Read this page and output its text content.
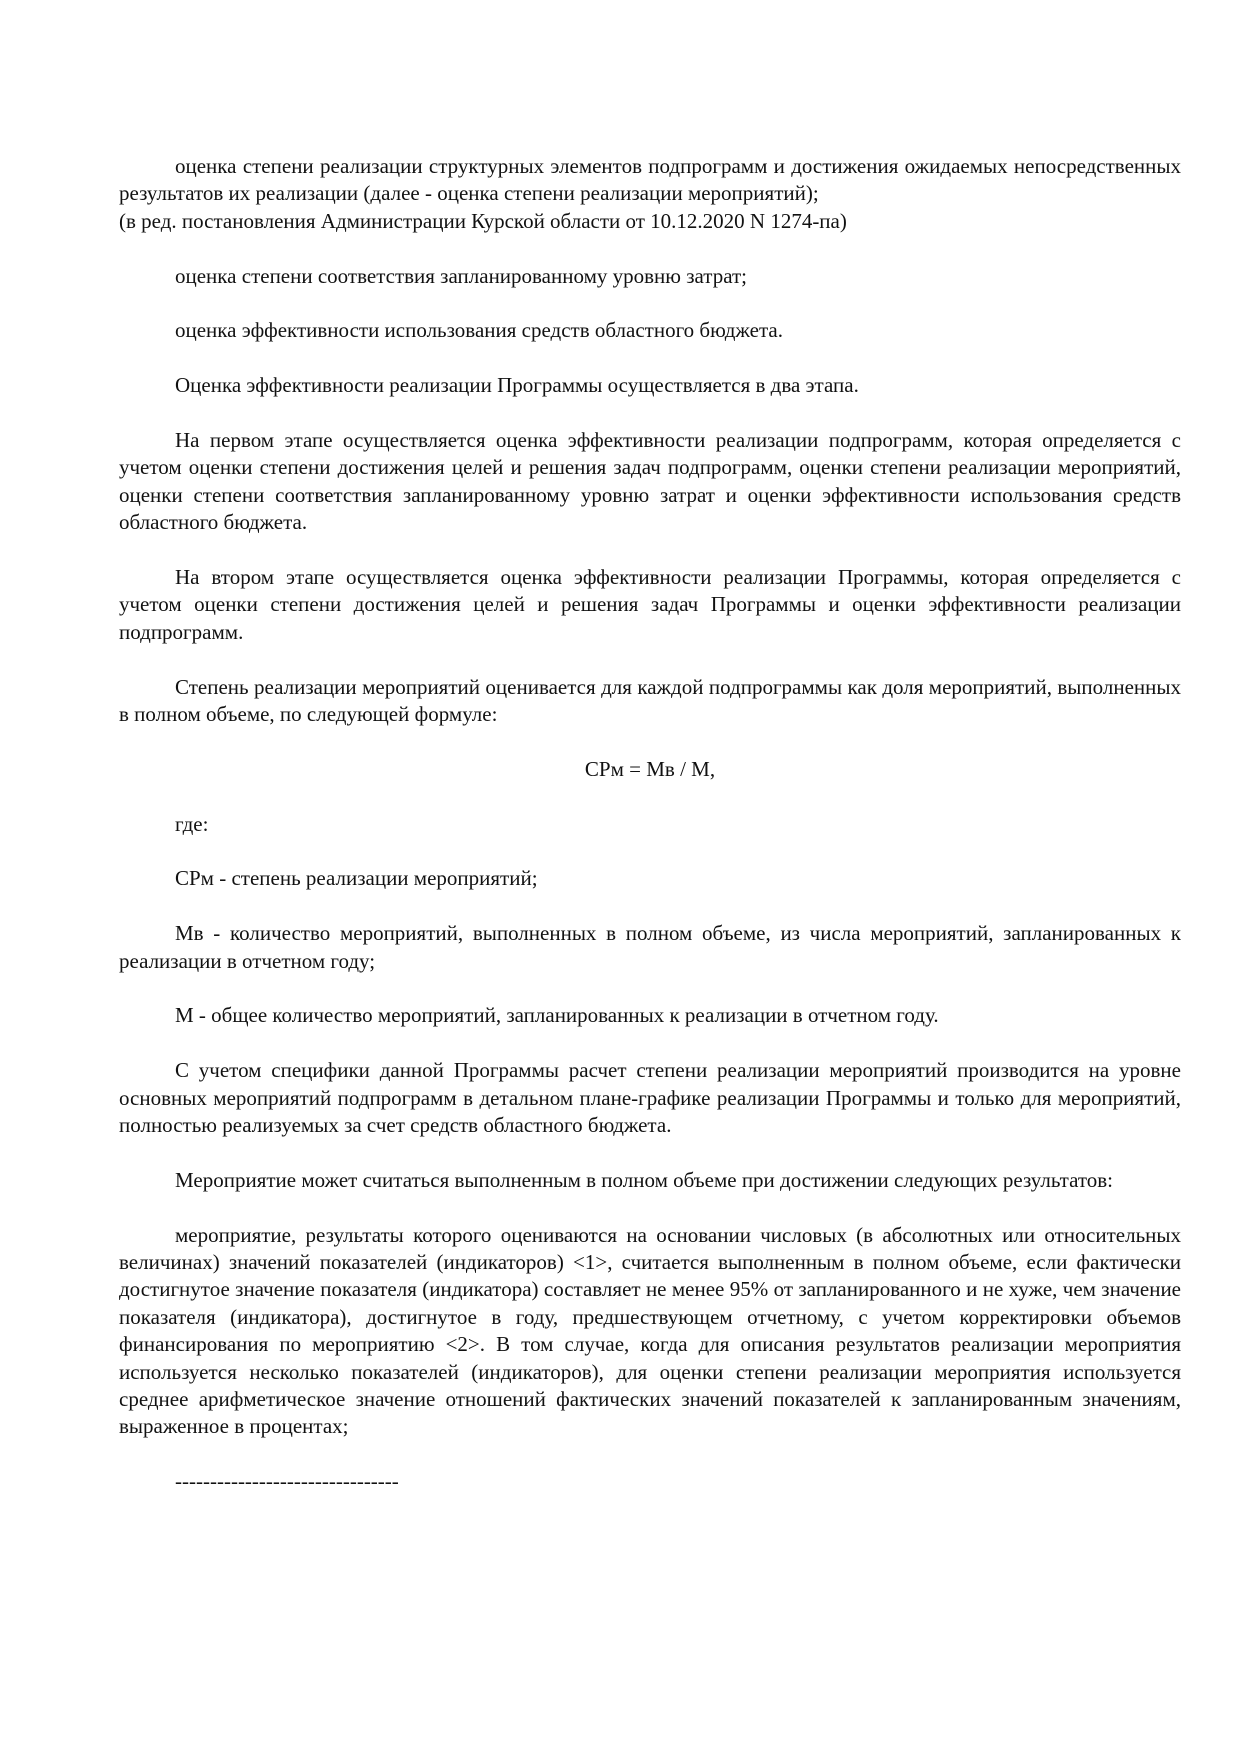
оценка степени реализации структурных элементов подпрограмм и достижения ожидаемых непосредственных результатов их реализации (далее - оценка степени реализации мероприятий);

(в ред. постановления Администрации Курской области от 10.12.2020 N 1274-па)

оценка степени соответствия запланированному уровню затрат;

оценка эффективности использования средств областного бюджета.

Оценка эффективности реализации Программы осуществляется в два этапа.

На первом этапе осуществляется оценка эффективности реализации подпрограмм, которая определяется с учетом оценки степени достижения целей и решения задач подпрограмм, оценки степени реализации мероприятий, оценки степени соответствия запланированному уровню затрат и оценки эффективности использования средств областного бюджета.

На втором этапе осуществляется оценка эффективности реализации Программы, которая определяется с учетом оценки степени достижения целей и решения задач Программы и оценки эффективности реализации подпрограмм.

Степень реализации мероприятий оценивается для каждой подпрограммы как доля мероприятий, выполненных в полном объеме, по следующей формуле:

СРм = Мв / М,

где:

СРм - степень реализации мероприятий;

Мв - количество мероприятий, выполненных в полном объеме, из числа мероприятий, запланированных к реализации в отчетном году;

М - общее количество мероприятий, запланированных к реализации в отчетном году.

С учетом специфики данной Программы расчет степени реализации мероприятий производится на уровне основных мероприятий подпрограмм в детальном плане-графике реализации Программы и только для мероприятий, полностью реализуемых за счет средств областного бюджета.

Мероприятие может считаться выполненным в полном объеме при достижении следующих результатов:

мероприятие, результаты которого оцениваются на основании числовых (в абсолютных или относительных величинах) значений показателей (индикаторов) <1>, считается выполненным в полном объеме, если фактически достигнутое значение показателя (индикатора) составляет не менее 95% от запланированного и не хуже, чем значение показателя (индикатора), достигнутое в году, предшествующем отчетному, с учетом корректировки объемов финансирования по мероприятию <2>. В том случае, когда для описания результатов реализации мероприятия используется несколько показателей (индикаторов), для оценки степени реализации мероприятия используется среднее арифметическое значение отношений фактических значений показателей к запланированным значениям, выраженное в процентах;

--------------------------------
